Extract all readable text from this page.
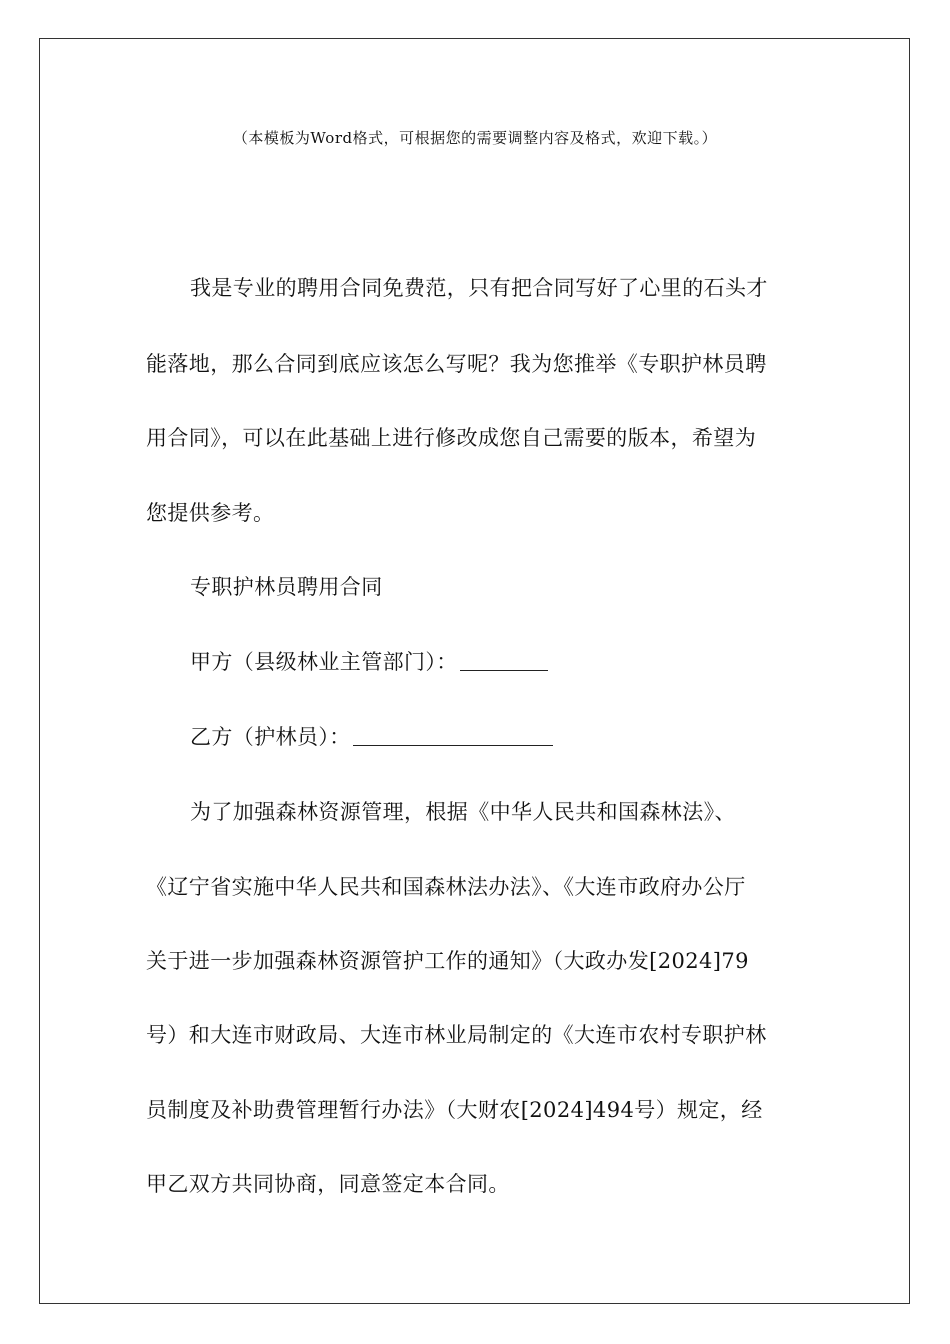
（本模板为Word格式，可根据您的需要调整内容及格式，欢迎下载。）
我是专业的聘用合同免费范，只有把合同写好了心里的石头才
能落地，那么合同到底应该怎么写呢？我为您推举《专职护林员聘
用合同》，可以在此基础上进行修改成您自己需要的版本，希望为
您提供参考。
专职护林员聘用合同
甲方（县级林业主管部门）：
乙方（护林员）：
为了加强森林资源管理，根据《中华人民共和国森林法》、
《辽宁省实施中华人民共和国森林法办法》、《大连市政府办公厅
关于进一步加强森林资源管护工作的通知》（大政办发[2024]79
号）和大连市财政局、大连市林业局制定的《大连市农村专职护林
员制度及补助费管理暂行办法》（大财农[2024]494号）规定，经
甲乙双方共同协商，同意签定本合同。
